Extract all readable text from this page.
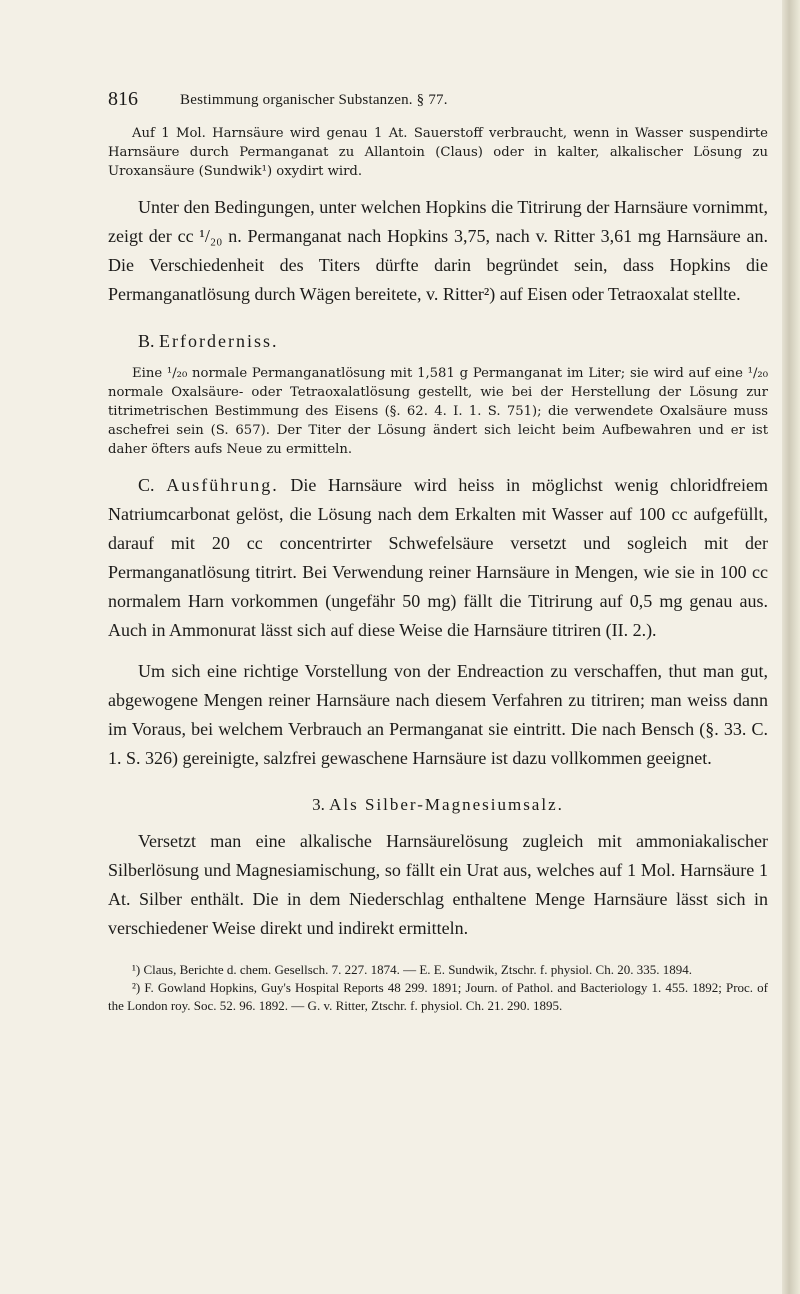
816	Bestimmung organischer Substanzen. § 77.

Auf 1 Mol. Harnsäure wird genau 1 At. Sauerstoff verbraucht, wenn in Wasser suspendirte Harnsäure durch Permanganat zu Allantoin (Claus) oder in kalter, alkalischer Lösung zu Uroxansäure (Sundwik¹) oxydirt wird.

Unter den Bedingungen, unter welchen Hopkins die Titrirung der Harnsäure vornimmt, zeigt der cc ¹/₂₀ n. Permanganat nach Hopkins 3,75, nach v. Ritter 3,61 mg Harnsäure an. Die Verschiedenheit des Titers dürfte darin begründet sein, dass Hopkins die Permanganatlösung durch Wägen bereitete, v. Ritter²) auf Eisen oder Tetraoxalat stellte.

B. Erforderniss.

Eine ¹/₂₀ normale Permanganatlösung mit 1,581 g Permanganat im Liter; sie wird auf eine ¹/₂₀ normale Oxalsäure- oder Tetraoxalatlösung gestellt, wie bei der Herstellung der Lösung zur titrimetrischen Bestimmung des Eisens (§. 62. 4. I. 1. S. 751); die verwendete Oxalsäure muss aschefrei sein (S. 657). Der Titer der Lösung ändert sich leicht beim Aufbewahren und er ist daher öfters aufs Neue zu ermitteln.

C. Ausführung. Die Harnsäure wird heiss in möglichst wenig chloridfreiem Natriumcarbonat gelöst, die Lösung nach dem Erkalten mit Wasser auf 100 cc aufgefüllt, darauf mit 20 cc concentrirter Schwefelsäure versetzt und sogleich mit der Permanganatlösung titrirt. Bei Verwendung reiner Harnsäure in Mengen, wie sie in 100 cc normalem Harn vorkommen (ungefähr 50 mg) fällt die Titrirung auf 0,5 mg genau aus. Auch in Ammonurat lässt sich auf diese Weise die Harnsäure titriren (II. 2.).

Um sich eine richtige Vorstellung von der Endreaction zu verschaffen, thut man gut, abgewogene Mengen reiner Harnsäure nach diesem Verfahren zu titriren; man weiss dann im Voraus, bei welchem Verbrauch an Permanganat sie eintritt. Die nach Bensch (§. 33. C. 1. S. 326) gereinigte, salzfrei gewaschene Harnsäure ist dazu vollkommen geeignet.

3. Als Silber-Magnesiumsalz.

Versetzt man eine alkalische Harnsäurelösung zugleich mit ammoniakalischer Silberlösung und Magnesiamischung, so fällt ein Urat aus, welches auf 1 Mol. Harnsäure 1 At. Silber enthält. Die in dem Niederschlag enthaltene Menge Harnsäure lässt sich in verschiedener Weise direkt und indirekt ermitteln.

¹) Claus, Berichte d. chem. Gesellsch. 7. 227. 1874. — E. E. Sundwik, Ztschr. f. physiol. Ch. 20. 335. 1894.

²) F. Gowland Hopkins, Guy's Hospital Reports 48 299. 1891; Journ. of Pathol. and Bacteriology 1. 455. 1892; Proc. of the London roy. Soc. 52. 96. 1892. — G. v. Ritter, Ztschr. f. physiol. Ch. 21. 290. 1895.
